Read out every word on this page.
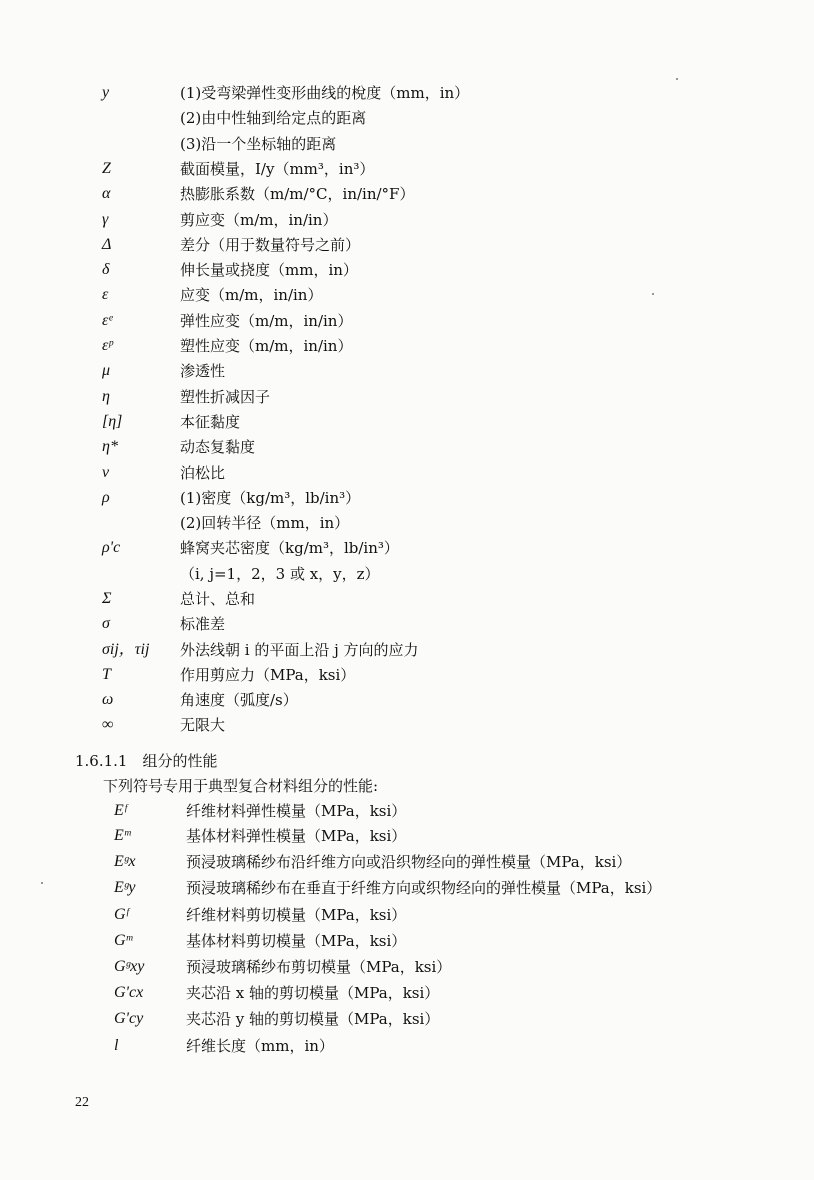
y	(1)受弯梁弹性变形曲线的梲度（mm，in）
(2)由中性轴到给定点的距离
(3)沿一个坐标轴的距离
Z	截面模量，I/y（mm³，in³）
α	热膨胀系数（m/m/°C，in/in/°F）
γ	剪应变（m/m，in/in）
Δ	差分（用于数量符号之前）
δ	伸长量或挠度（mm，in）
ε	应变（m/m，in/in）
εᵉ	弹性应变（m/m，in/in）
εᵖ	塑性应变（m/m，in/in）
μ	渗透性
η	塑性折减因子
[η]	本征黏度
η*	动态复黏度
ν	泊松比
ρ	(1)密度（kg/m³，lb/in³）
(2)回转半径（mm，in）
ρ'c	蜂窝夹芯密度（kg/m³，lb/in³）
（i, j=1，2，3 或 x，y，z）
Σ	总计、总和
σ	标准差
σij，τij 外法线朝 i 的平面上沿 j 方向的应力
T	作用剪应力（MPa，ksi）
ω	角速度（弧度/s）
∞	无限大
1.6.1.1　组分的性能
下列符号专用于典型复合材料组分的性能:
Eᶠ	纤维材料弹性模量（MPa，ksi）
Eᵐ	基体材料弹性模量（MPa，ksi）
Eᵍx	预浸玻璃稀纱布沿纤维方向或沿织物经向的弹性模量（MPa，ksi）
Eᵍy	预浸玻璃稀纱布在垂直于纤维方向或织物经向的弹性模量（MPa，ksi）
Gᶠ	纤维材料剪切模量（MPa，ksi）
Gᵐ	基体材料剪切模量（MPa，ksi）
Gᵍxy	预浸玻璃稀纱布剪切模量（MPa，ksi）
G'cx	夹芯沿 x 轴的剪切模量（MPa，ksi）
G'cy	夹芯沿 y 轴的剪切模量（MPa，ksi）
l	纤维长度（mm，in）
22
